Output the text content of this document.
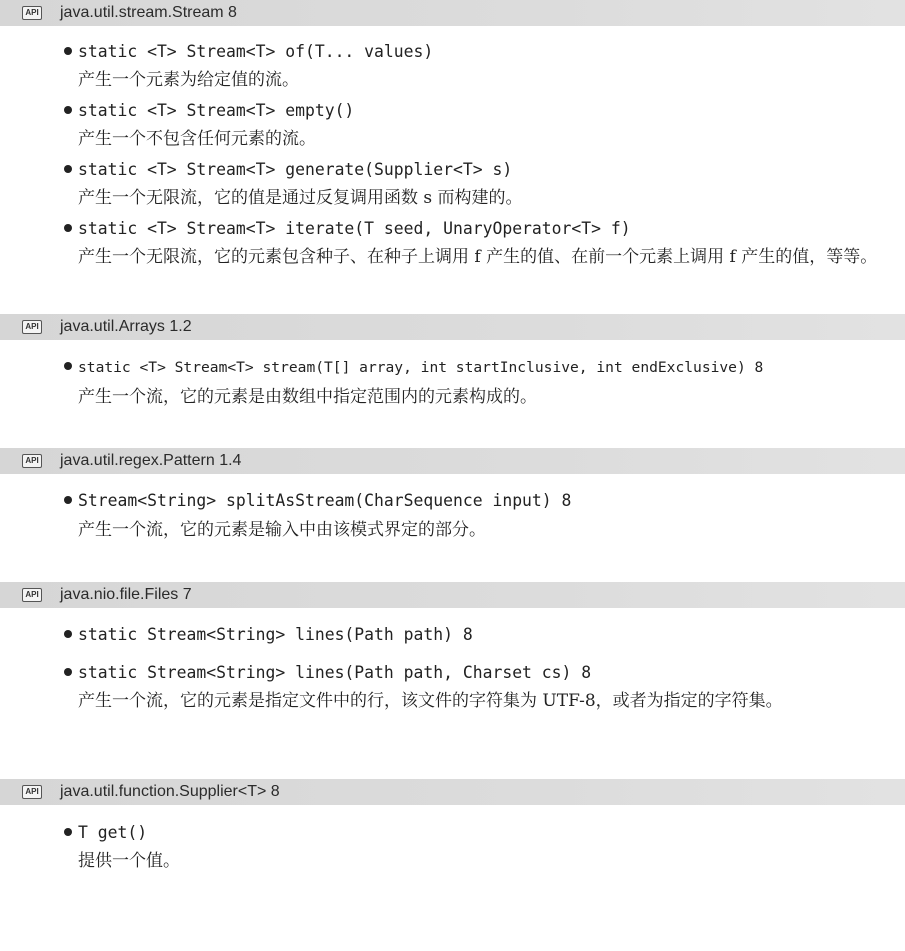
API java.util.stream.Stream 8
static <T> Stream<T> of(T... values)
产生一个元素为给定值的流。
static <T> Stream<T> empty()
产生一个不包含任何元素的流。
static <T> Stream<T> generate(Supplier<T> s)
产生一个无限流，它的值是通过反复调用函数 s 而构建的。
static <T> Stream<T> iterate(T seed, UnaryOperator<T> f)
产生一个无限流，它的元素包含种子、在种子上调用 f 产生的值、在前一个元素上调用 f 产生的值，等等。
API java.util.Arrays 1.2
static <T> Stream<T> stream(T[] array, int startInclusive, int endExclusive) 8
产生一个流，它的元素是由数组中指定范围内的元素构成的。
API java.util.regex.Pattern 1.4
Stream<String> splitAsStream(CharSequence input) 8
产生一个流，它的元素是输入中由该模式界定的部分。
API java.nio.file.Files 7
static Stream<String> lines(Path path) 8
static Stream<String> lines(Path path, Charset cs) 8
产生一个流，它的元素是指定文件中的行，该文件的字符集为 UTF-8，或者为指定的字符集。
API java.util.function.Supplier<T> 8
T get()
提供一个值。
